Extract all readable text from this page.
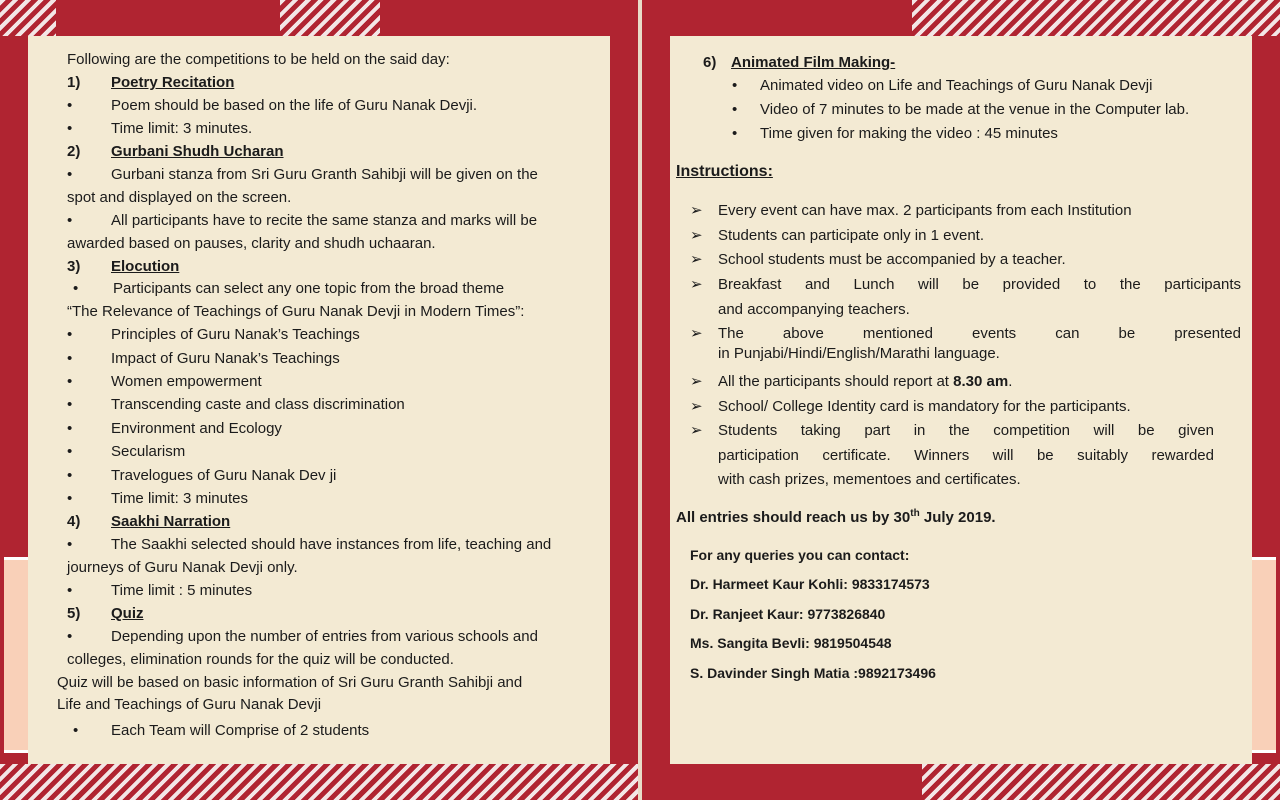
Following are the competitions to be held on the said day:
1) Poetry Recitation
•	Poem should be based on the life of Guru Nanak Devji.
•	Time limit: 3 minutes.
2) Gurbani Shudh Ucharan
•	Gurbani stanza from Sri Guru Granth Sahibji will be given on the
spot and displayed on the screen.
•	All participants have to recite the same stanza and marks will be
awarded based on pauses, clarity and shudh uchaaran.
3) Elocution
• Participants can select any one topic from the broad theme
“The Relevance of Teachings of Guru Nanak Devji in Modern Times”:
•	Principles of Guru Nanak’s Teachings
•	Impact of Guru Nanak’s Teachings
•	Women empowerment
•	Transcending caste and class discrimination
•	Environment and Ecology
•	Secularism
•	Travelogues of Guru Nanak Dev ji
•	Time limit: 3 minutes
4) Saakhi Narration
•	The Saakhi selected should have instances from life, teaching and
journeys of Guru Nanak Devji only.
•	Time limit : 5 minutes
5) Quiz
•	Depending upon the number of entries from various schools and
colleges, elimination rounds for the quiz will be conducted.
Quiz will be based on basic information of Sri Guru Granth Sahibji and
Life and Teachings of Guru Nanak Devji
• Each Team will Comprise of 2 students
6) Animated Film Making-
• Animated video on Life and Teachings of Guru Nanak Devji
• Video of 7 minutes to be made at the venue in the Computer lab.
• Time given for making the video : 45 minutes
Instructions:
➢ Every event can have max. 2 participants from each Institution
➢ Students can participate only in 1 event.
➢ School students must be accompanied by a teacher.
➢ Breakfast and Lunch will be provided to the participants
and accompanying teachers.
➢ The above mentioned events can be presented
in Punjabi/Hindi/English/Marathi language.
➢ All the participants should report at 8.30 am.
➢ School/ College Identity card is mandatory for the participants.
➢ Students taking part in the competition will be given
participation certificate. Winners will be suitably rewarded
with cash prizes, mementoes and certificates.
All entries should reach us by 30th July 2019.
For any queries you can contact:
Dr. Harmeet Kaur Kohli: 9833174573
Dr. Ranjeet Kaur: 9773826840
Ms. Sangita Bevli: 9819504548
S. Davinder Singh Matia :9892173496
